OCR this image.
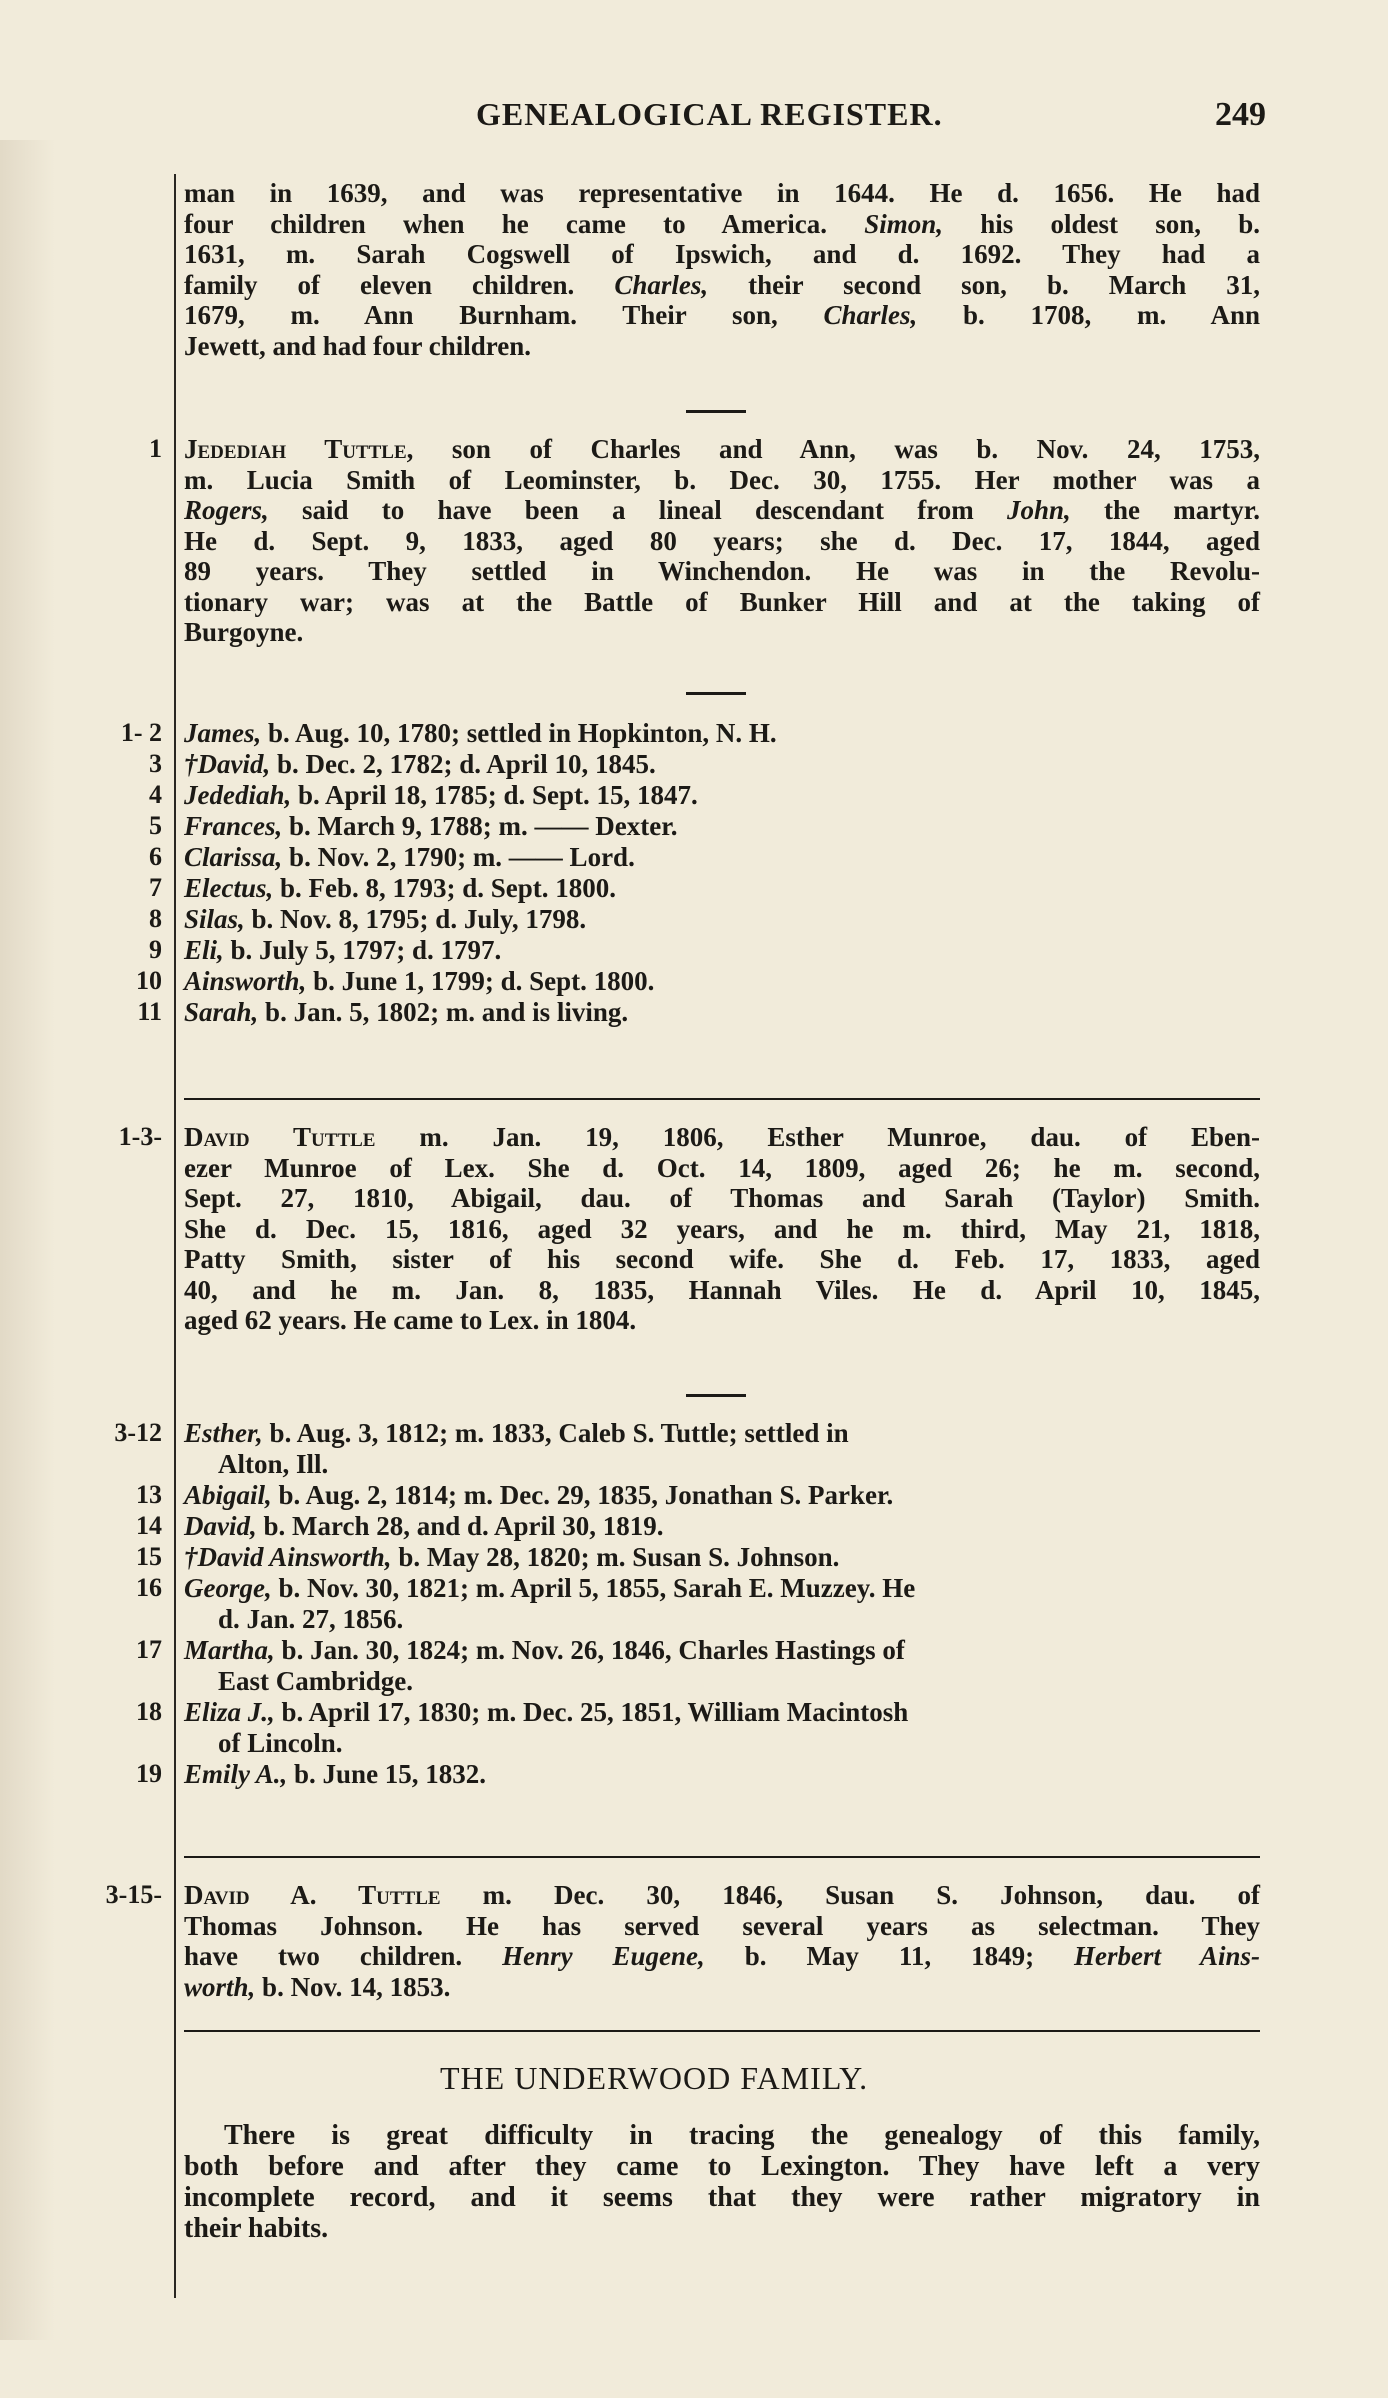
GENEALOGICAL REGISTER.	249
man in 1639, and was representative in 1644. He d. 1656. He had
four children when he came to America. Simon, his oldest son, b.
1631, m. Sarah Cogswell of Ipswich, and d. 1692. They had a
family of eleven children. Charles, their second son, b. March 31,
1679, m. Ann Burnham. Their son, Charles, b. 1708, m. Ann
Jewett, and had four children.
1 Jedediah Tuttle, son of Charles and Ann, was b. Nov. 24, 1753,
m. Lucia Smith of Leominster, b. Dec. 30, 1755. Her mother was a
Rogers, said to have been a lineal descendant from John, the martyr.
He d. Sept. 9, 1833, aged 80 years; she d. Dec. 17, 1844, aged
89 years. They settled in Winchendon. He was in the Revolu-
tionary war; was at the Battle of Bunker Hill and at the taking of
Burgoyne.
1- 2 James, b. Aug. 10, 1780; settled in Hopkinton, N. H.
3 †David, b. Dec. 2, 1782; d. April 10, 1845.
4 Jedediah, b. April 18, 1785; d. Sept. 15, 1847.
5 Frances, b. March 9, 1788; m. —— Dexter.
6 Clarissa, b. Nov. 2, 1790; m. —— Lord.
7 Electus, b. Feb. 8, 1793; d. Sept. 1800.
8 Silas, b. Nov. 8, 1795; d. July, 1798.
9 Eli, b. July 5, 1797; d. 1797.
10 Ainsworth, b. June 1, 1799; d. Sept. 1800.
11 Sarah, b. Jan. 5, 1802; m. and is living.
1-3- David Tuttle m. Jan. 19, 1806, Esther Munroe, dau. of Eben-
ezer Munroe of Lex. She d. Oct. 14, 1809, aged 26; he m. second,
Sept. 27, 1810, Abigail, dau. of Thomas and Sarah (Taylor) Smith.
She d. Dec. 15, 1816, aged 32 years, and he m. third, May 21, 1818,
Patty Smith, sister of his second wife. She d. Feb. 17, 1833, aged
40, and he m. Jan. 8, 1835, Hannah Viles. He d. April 10, 1845,
aged 62 years. He came to Lex. in 1804.
3-12 Esther, b. Aug. 3, 1812; m. 1833, Caleb S. Tuttle; settled in
Alton, Ill.
13 Abigail, b. Aug. 2, 1814; m. Dec. 29, 1835, Jonathan S. Parker.
14 David, b. March 28, and d. April 30, 1819.
15 †David Ainsworth, b. May 28, 1820; m. Susan S. Johnson.
16 George, b. Nov. 30, 1821; m. April 5, 1855, Sarah E. Muzzey. He
d. Jan. 27, 1856.
17 Martha, b. Jan. 30, 1824; m. Nov. 26, 1846, Charles Hastings of
East Cambridge.
18 Eliza J., b. April 17, 1830; m. Dec. 25, 1851, William Macintosh
of Lincoln.
19 Emily A., b. June 15, 1832.
3-15- David A. Tuttle m. Dec. 30, 1846, Susan S. Johnson, dau. of
Thomas Johnson. He has served several years as selectman. They
have two children. Henry Eugene, b. May 11, 1849; Herbert Ains-
worth, b. Nov. 14, 1853.
THE UNDERWOOD FAMILY.
There is great difficulty in tracing the genealogy of this family,
both before and after they came to Lexington. They have left a very
incomplete record, and it seems that they were rather migratory in
their habits.
